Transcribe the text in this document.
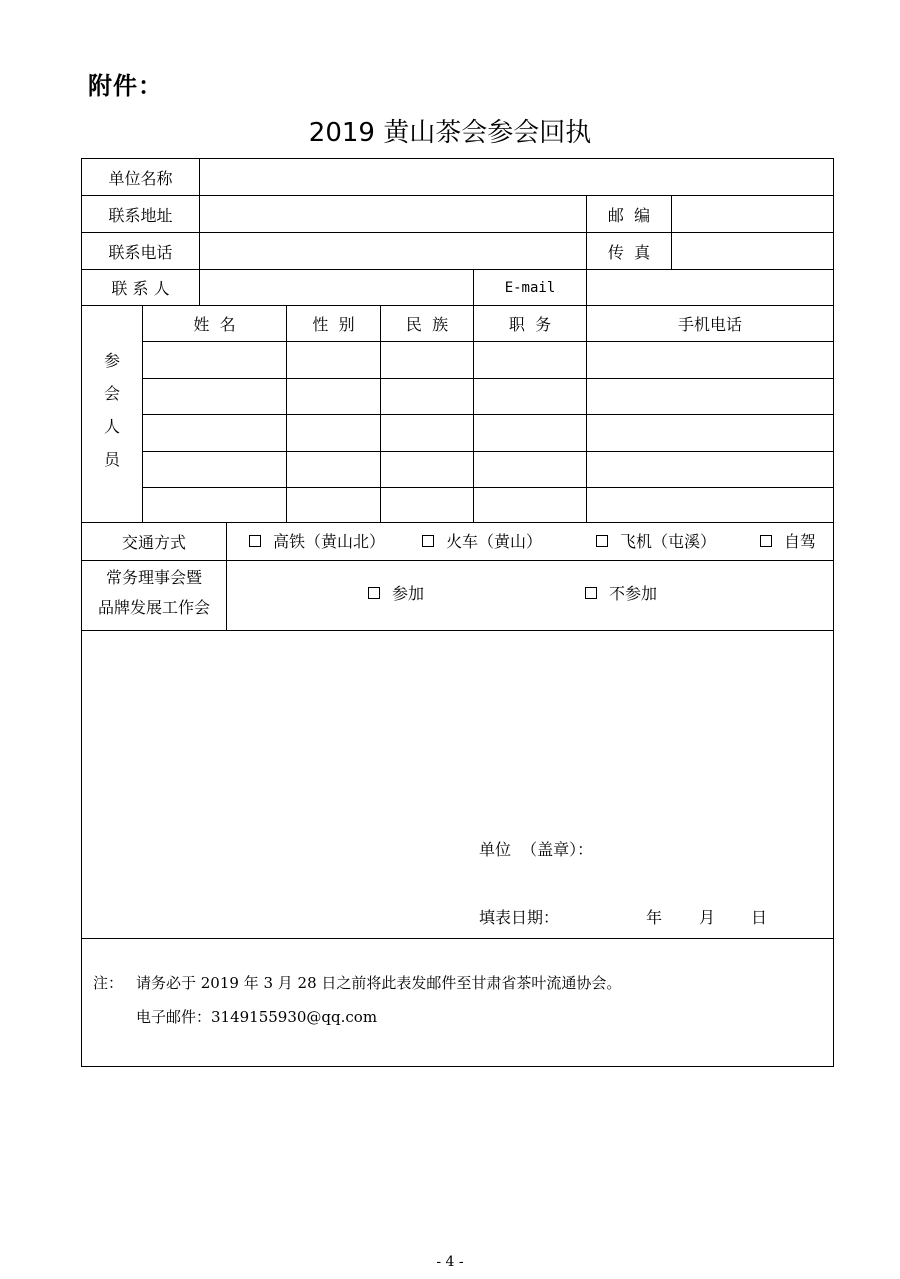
附件：
2019 黄山茶会参会回执
单位名称
联系地址	邮  编
联系电话	传  真
联 系 人	E-mail
参
会
人
员
姓  名	性  别	民  族	职  务	手机电话
交通方式	高铁（黄山北）	火车（黄山）	飞机（屯溪）	自驾
常务理事会暨
品牌发展工作会
参加	不参加
单位  （盖章）：
填表日期：	年 月 日
注： 请务必于 2019 年 3 月 28 日之前将此表发邮件至甘肃省茶叶流通协会。
电子邮件：3149155930@qq.com
- 4 -
